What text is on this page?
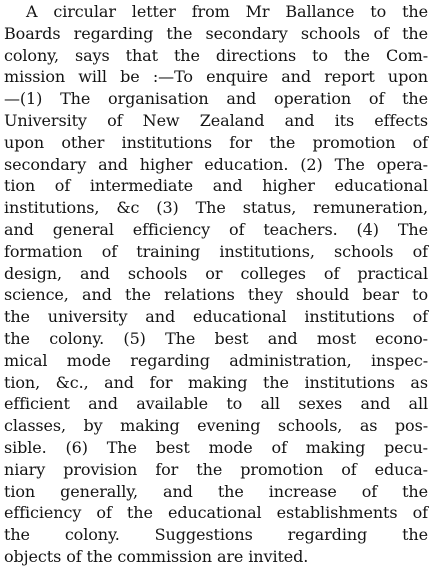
A circular letter from Mr Ballance to the
Boards regarding the secondary schools of the
colony, says that the directions to the Com-
mission will be :—To enquire and report upon
—(1) The organisation and operation of the
University of New Zealand and its effects
upon other institutions for the promotion of
secondary and higher education. (2) The opera-
tion of intermediate and higher educational
institutions, &c (3) The status, remuneration,
and general efficiency of teachers. (4) The
formation of training institutions, schools of
design, and schools or colleges of practical
science, and the relations they should bear to
the university and educational institutions of
the colony. (5) The best and most econo-
mical mode regarding administration, inspec-
tion, &c., and for making the institutions as
efficient and available to all sexes and all
classes, by making evening schools, as pos-
sible. (6) The best mode of making pecu-
niary provision for the promotion of educa-
tion generally, and the increase of the
efficiency of the educational establishments of
the colony. Suggestions regarding the
objects of the commission are invited.
